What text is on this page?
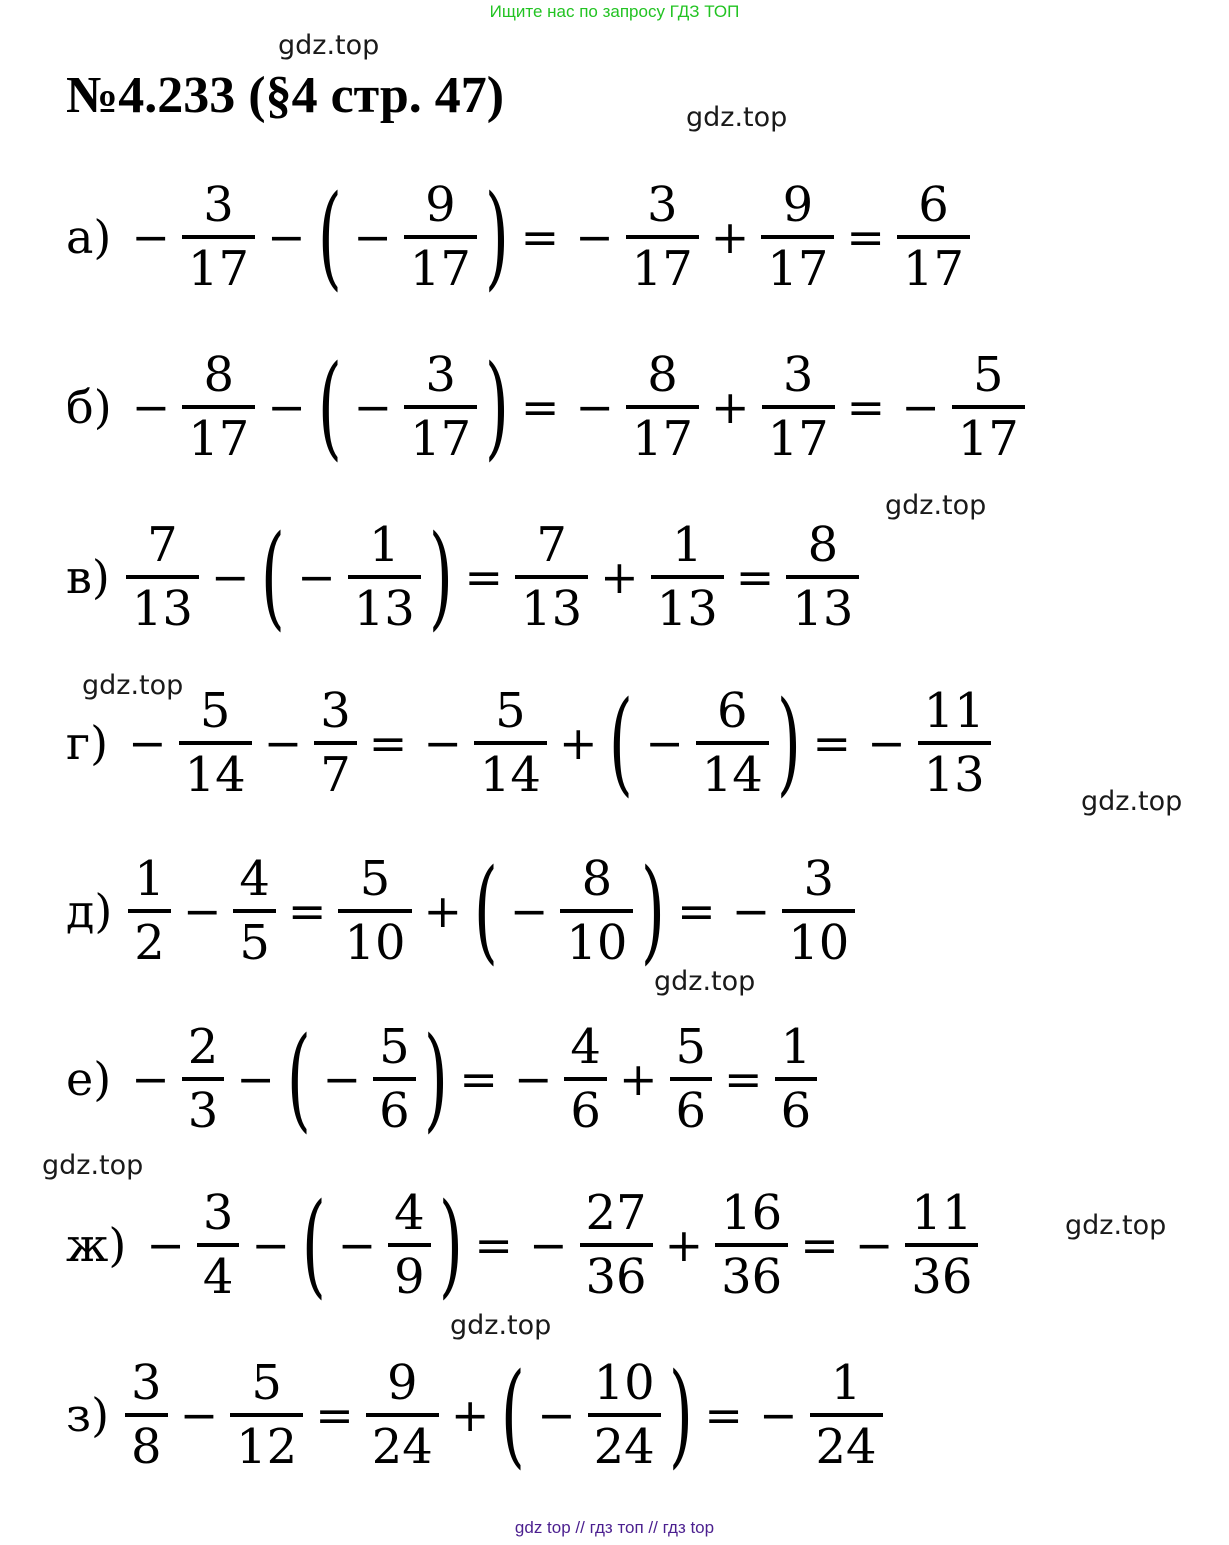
Ищите нас по запросу ГДЗ ТОП
№4.233 (§4 стр. 47)
gdz.top
gdz.top
gdz.top
gdz.top
gdz.top
gdz.top
gdz.top
gdz.top
gdz.top
$а) - \frac{3}{17}$ − ( − $\frac{9}{17}$ ) = − $\frac{3}{17} + \frac{9}{17} = \frac{6}{17}$
$б) - \frac{8}{17}$ − ( − $\frac{3}{17}$ ) = − $\frac{8}{17} + \frac{3}{17}$ = − $\frac{5}{17}$
$в) \frac{7}{13}$ − ( − $\frac{1}{13}$ ) = $\frac{7}{13} + \frac{1}{13} = \frac{8}{13}$
$г) - \frac{5}{14} - \frac{3}{7}$ = − $\frac{5}{14}$ + ( − $\frac{6}{14}$ ) = − $\frac{11}{13}$
$д) \frac{1}{2} - \frac{4}{5} = \frac{5}{10}$ + ( − $\frac{8}{10}$ ) = − $\frac{3}{10}$
$е) - \frac{2}{3}$ − ( − $\frac{5}{6}$ ) = − $\frac{4}{6} + \frac{5}{6} = \frac{1}{6}$
$ж) - \frac{3}{4}$ − ( − $\frac{4}{9}$ ) = − $\frac{27}{36} + \frac{16}{36}$ = − $\frac{11}{36}$
$з) \frac{3}{8} - \frac{5}{12} = \frac{9}{24}$ + ( − $\frac{10}{24}$ ) = − $\frac{1}{24}$
gdz top // гдз топ // гдз top
